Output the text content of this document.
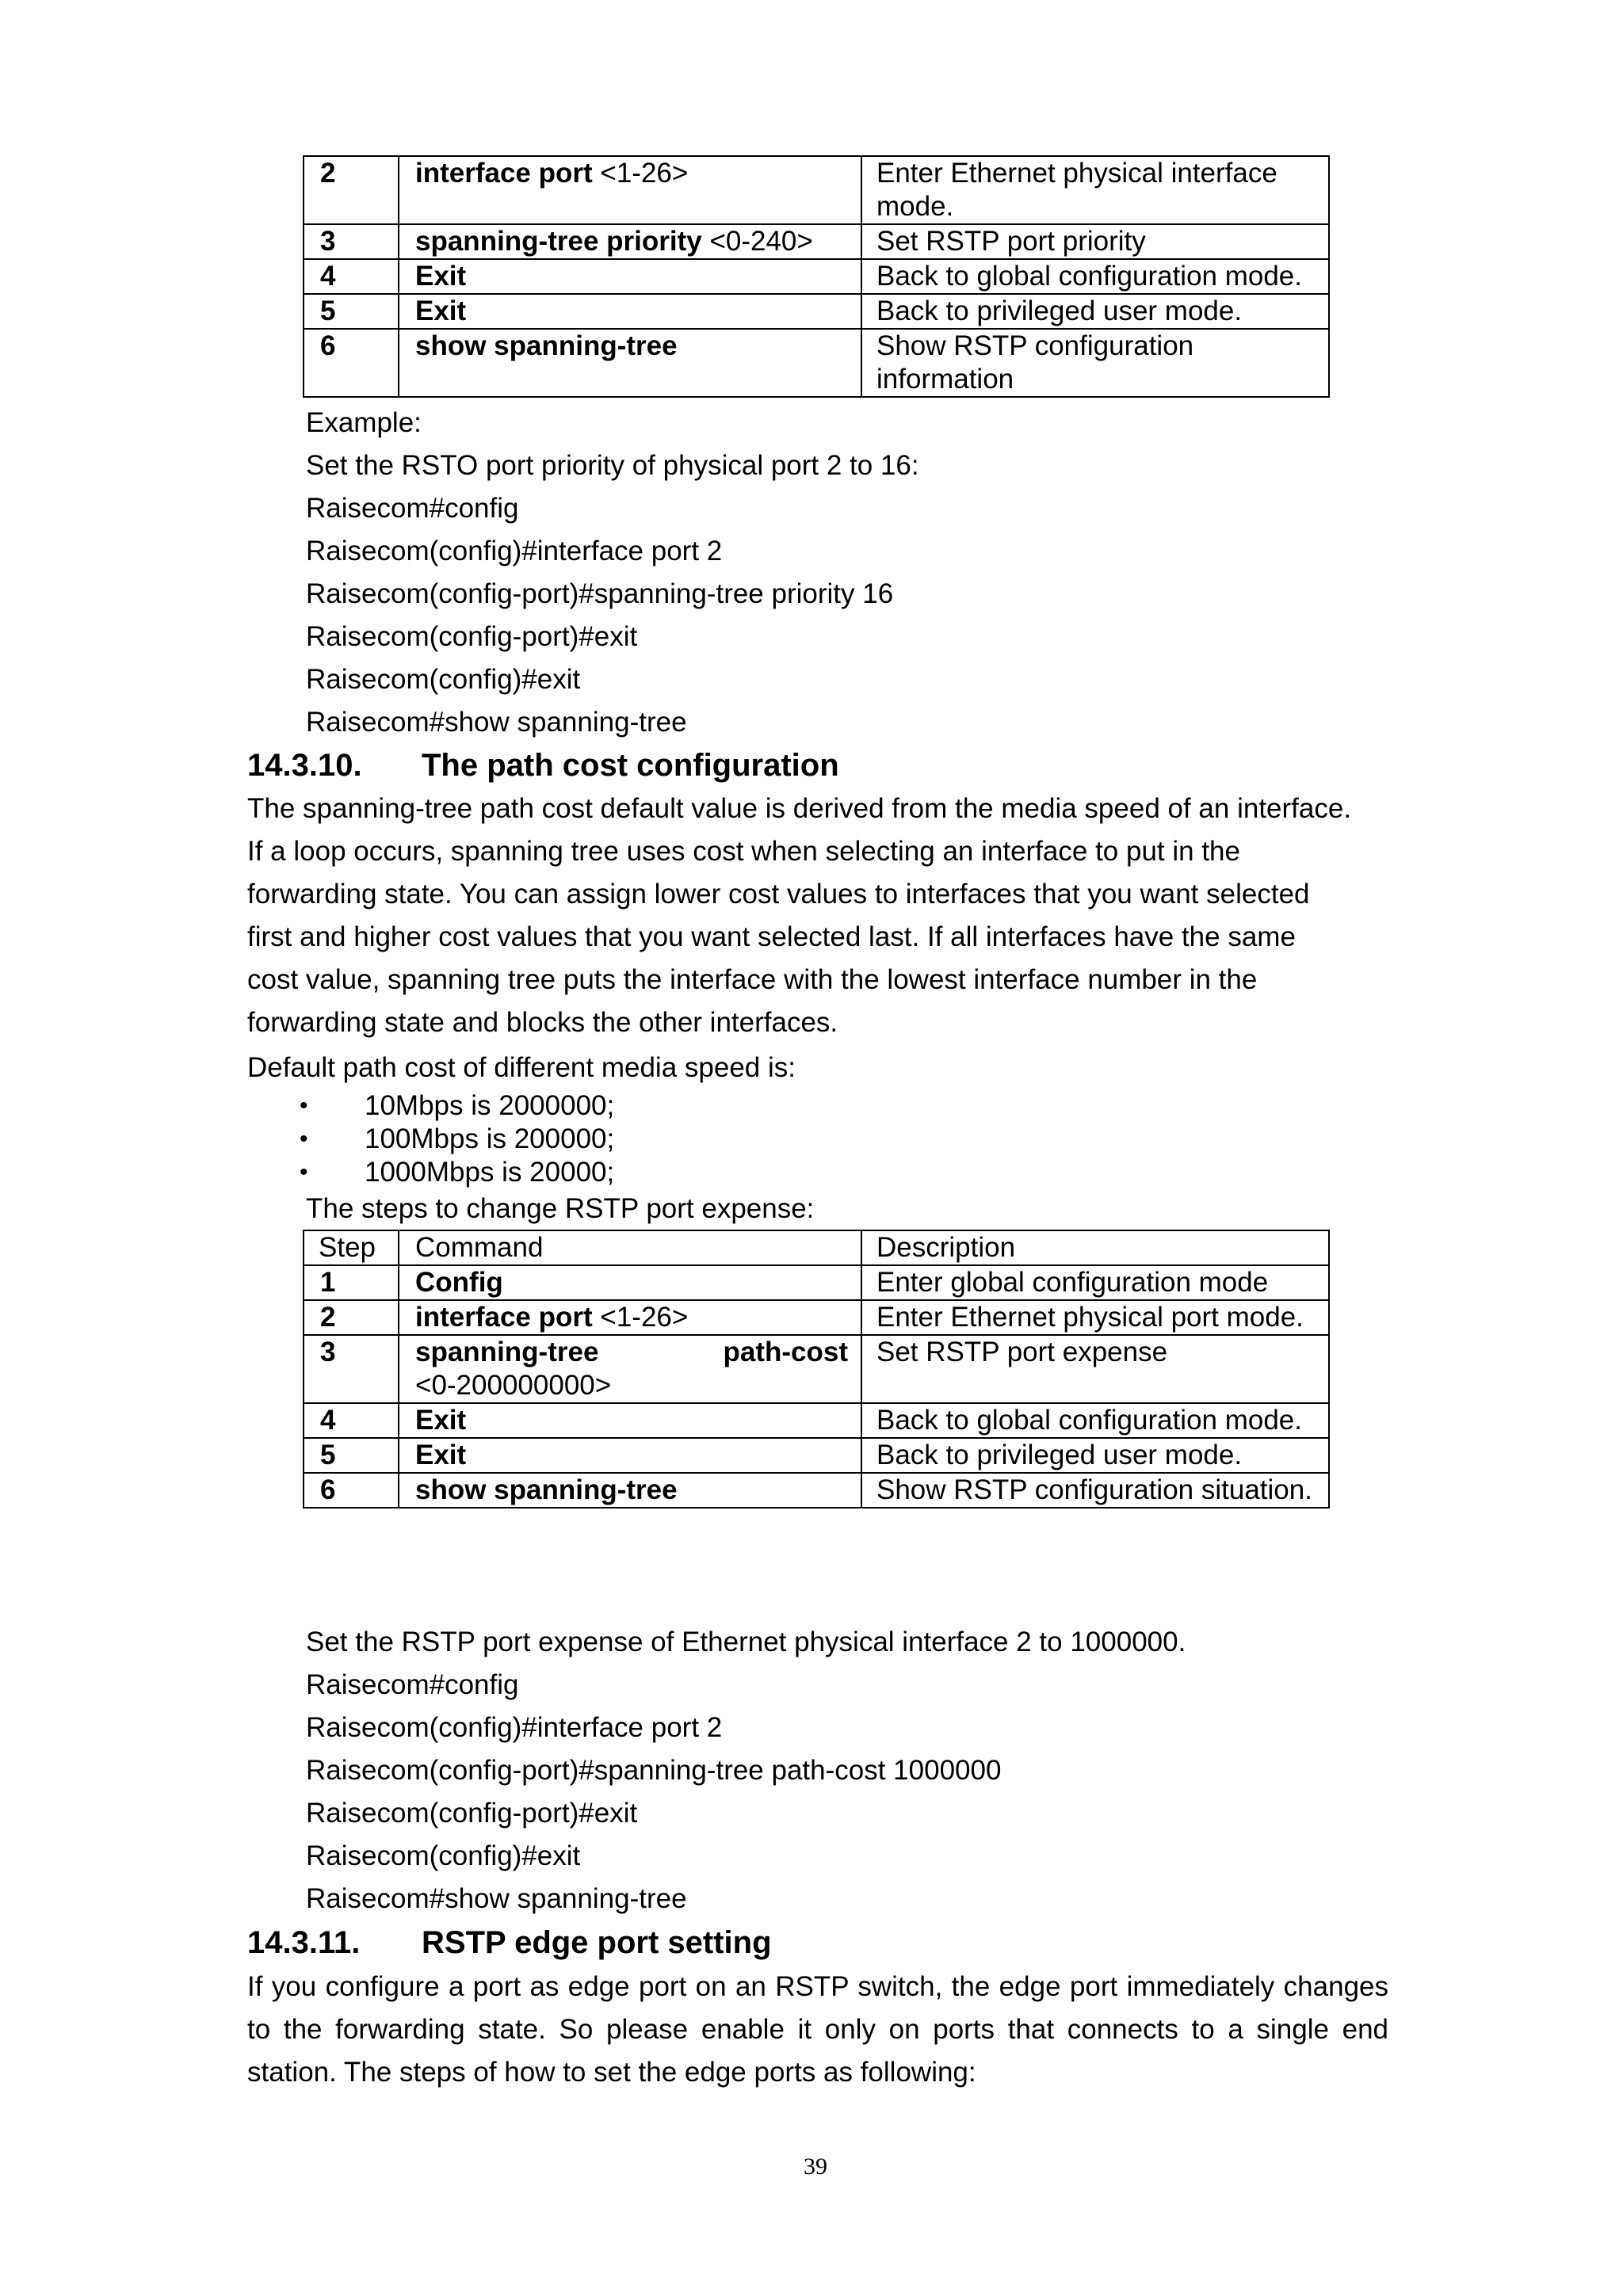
2	interface port <1-26>	Enter Ethernet physical interface mode.
3	spanning-tree priority <0-240>	Set RSTP port priority
4	Exit	Back to global configuration mode.
5	Exit	Back to privileged user mode.
6	show spanning-tree	Show RSTP configuration information
Example:
Set the RSTO port priority of physical port 2 to 16:
Raisecom#config
Raisecom(config)#interface port 2
Raisecom(config-port)#spanning-tree priority 16
Raisecom(config-port)#exit
Raisecom(config)#exit
Raisecom#show spanning-tree
14.3.10. The path cost configuration
The spanning-tree path cost default value is derived from the media speed of an interface.
If a loop occurs, spanning tree uses cost when selecting an interface to put in the
forwarding state. You can assign lower cost values to interfaces that you want selected
first and higher cost values that you want selected last. If all interfaces have the same
cost value, spanning tree puts the interface with the lowest interface number in the
forwarding state and blocks the other interfaces.
Default path cost of different media speed is:
• 10Mbps is 2000000;
• 100Mbps is 200000;
• 1000Mbps is 20000;
The steps to change RSTP port expense:
Step	Command	Description
1	Config	Enter global configuration mode
2	interface port <1-26>	Enter Ethernet physical port mode.
3	spanning-tree path-cost
<0-200000000>	Set RSTP port expense
4	Exit	Back to global configuration mode.
5	Exit	Back to privileged user mode.
6	show spanning-tree	Show RSTP configuration situation.
Set the RSTP port expense of Ethernet physical interface 2 to 1000000.
Raisecom#config
Raisecom(config)#interface port 2
Raisecom(config-port)#spanning-tree path-cost 1000000
Raisecom(config-port)#exit
Raisecom(config)#exit
Raisecom#show spanning-tree
14.3.11. RSTP edge port setting
If you configure a port as edge port on an RSTP switch, the edge port immediately changes to the forwarding state. So please enable it only on ports that connects to a single end station. The steps of how to set the edge ports as following:
39
